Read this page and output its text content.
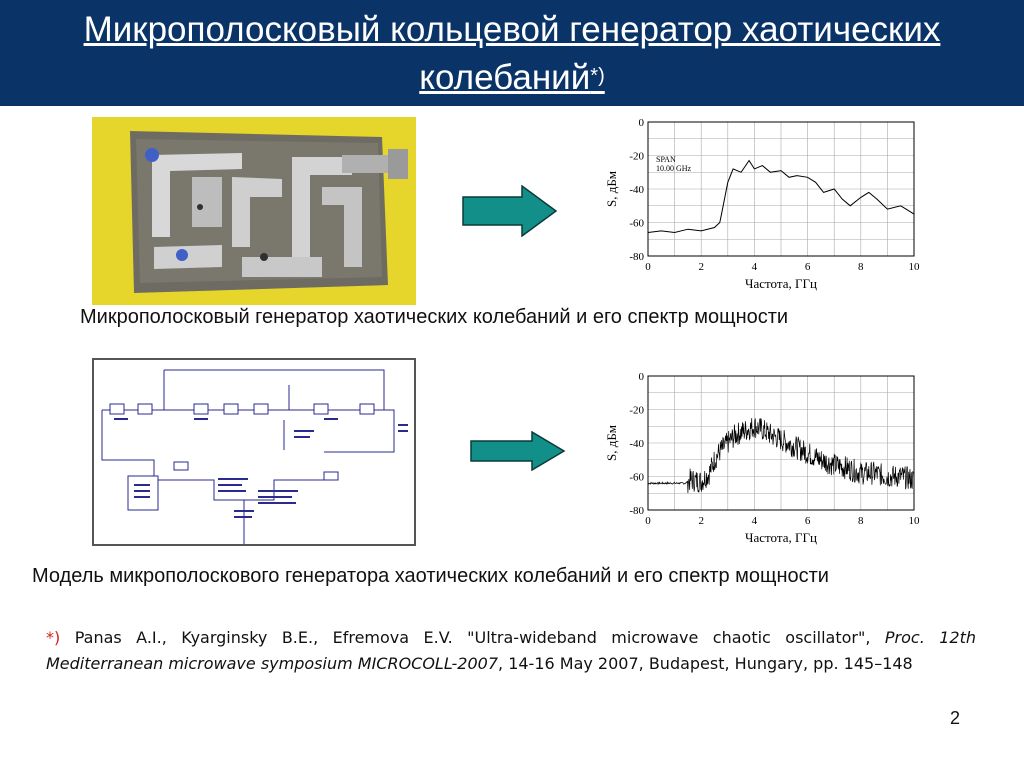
Микрополосковый кольцевой генератор хаотических колебаний*)
0	2	4	6	8	10
0
-20
-40
-60
-80
Частота, ГГц
S, дБм
SPAN
10.00 GHz
Микрополосковый генератор хаотических колебаний и его спектр мощности
0	2	4	6	8	10
0
-20
-40
-60
-80
Частота, ГГц
S, дБм
Модель микрополоскового генератора хаотических колебаний и его спектр мощности
*) Panas A.I., Kyarginsky B.E., Efremova E.V. "Ultra-wideband microwave chaotic oscillator", Proc. 12th Mediterranean microwave symposium MICROCOLL-2007, 14-16 May 2007, Budapest, Hungary, pp. 145–148
2
